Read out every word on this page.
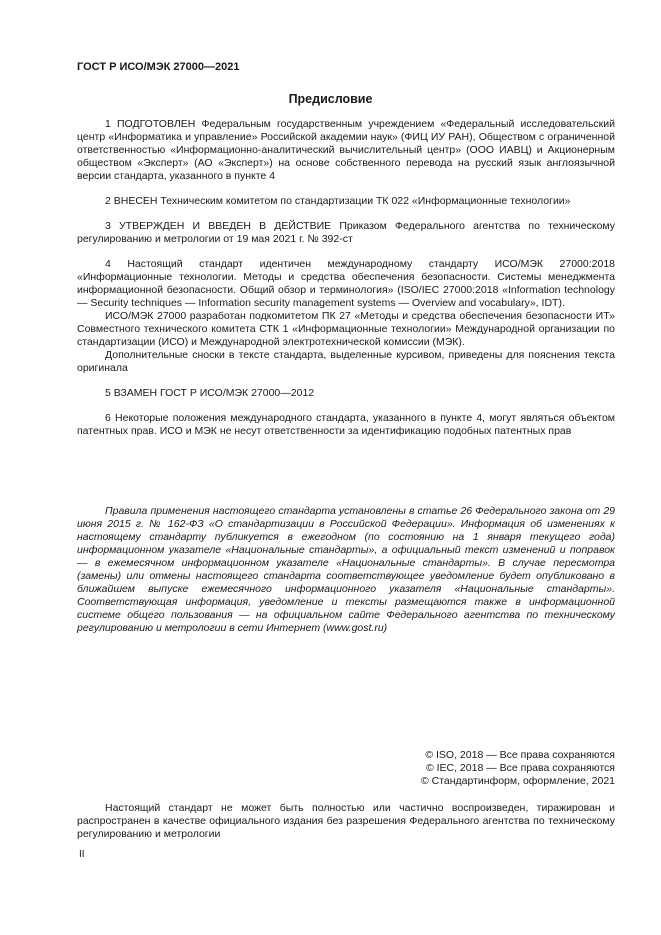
ГОСТ Р ИСО/МЭК 27000—2021
Предисловие

1 ПОДГОТОВЛЕН Федеральным государственным учреждением «Федеральный исследовательский центр «Информатика и управление» Российской академии наук» (ФИЦ ИУ РАН), Обществом с ограниченной ответственностью «Информационно-аналитический вычислительный центр» (ООО ИАВЦ) и Акционерным обществом «Эксперт» (АО «Эксперт») на основе собственного перевода на русский язык англоязычной версии стандарта, указанного в пункте 4

2 ВНЕСЕН Техническим комитетом по стандартизации ТК 022 «Информационные технологии»

3 УТВЕРЖДЕН И ВВЕДЕН В ДЕЙСТВИЕ Приказом Федерального агентства по техническому регулированию и метрологии от 19 мая 2021 г. № 392-ст

4 Настоящий стандарт идентичен международному стандарту ИСО/МЭК 27000:2018 «Информационные технологии. Методы и средства обеспечения безопасности. Системы менеджмента информационной безопасности. Общий обзор и терминология» (ISO/IEC 27000:2018 «Information technology — Security techniques — Information security management systems — Overview and vocabulary», IDT).

ИСО/МЭК 27000 разработан подкомитетом ПК 27 «Методы и средства обеспечения безопасности ИТ» Совместного технического комитета СТК 1 «Информационные технологии» Международной организации по стандартизации (ИСО) и Международной электротехнической комиссии (МЭК).

Дополнительные сноски в тексте стандарта, выделенные курсивом, приведены для пояснения текста оригинала

5 ВЗАМЕН ГОСТ Р ИСО/МЭК 27000—2012

6 Некоторые положения международного стандарта, указанного в пункте 4, могут являться объектом патентных прав. ИСО и МЭК не несут ответственности за идентификацию подобных патентных прав

Правила применения настоящего стандарта установлены в статье 26 Федерального закона от 29 июня 2015 г. № 162-ФЗ «О стандартизации в Российской Федерации». Информация об изменениях к настоящему стандарту публикуется в ежегодном (по состоянию на 1 января текущего года) информационном указателе «Национальные стандарты», а официальный текст изменений и поправок — в ежемесячном информационном указателе «Национальные стандарты». В случае пересмотра (замены) или отмены настоящего стандарта соответствующее уведомление будет опубликовано в ближайшем выпуске ежемесячного информационного указателя «Национальные стандарты». Соответствующая информация, уведомление и тексты размещаются также в информационной системе общего пользования — на официальном сайте Федерального агентства по техническому регулированию и метрологии в сети Интернет (www.gost.ru)

© ISO, 2018 — Все права сохраняются
© IEC, 2018 — Все права сохраняются
© Стандартинформ, оформление, 2021

Настоящий стандарт не может быть полностью или частично воспроизведен, тиражирован и распространен в качестве официального издания без разрешения Федерального агентства по техническому регулированию и метрологии

II
